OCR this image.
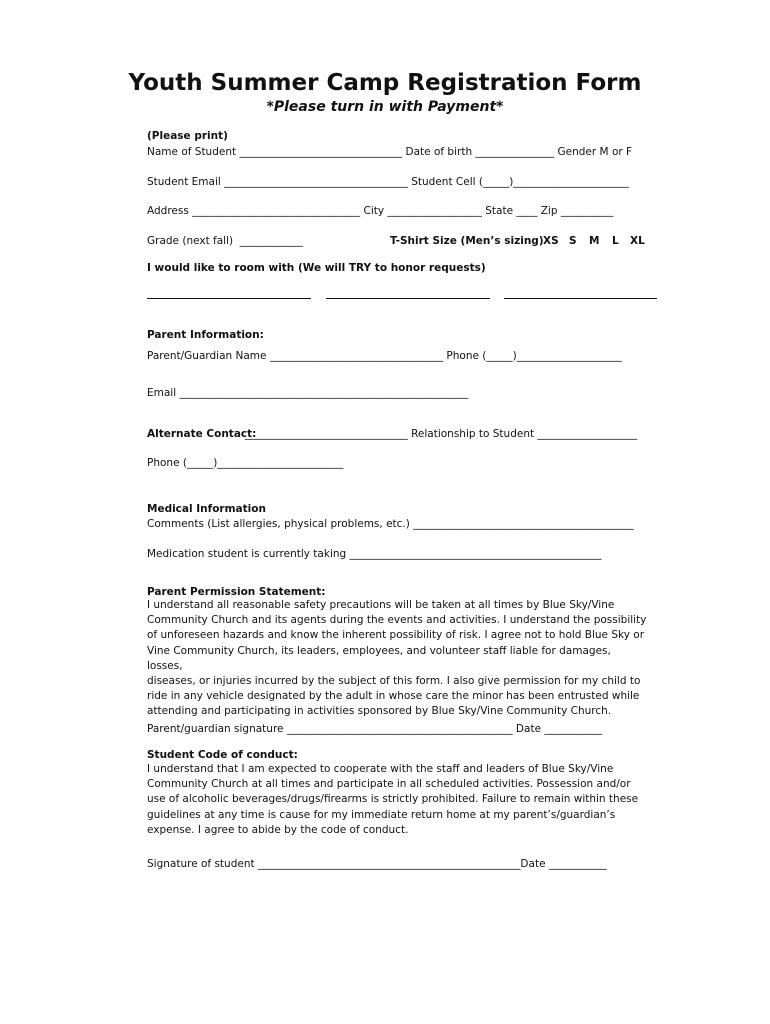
Youth Summer Camp Registration Form
*Please turn in with Payment*
(Please print)
Name of Student _______________________________ Date of birth _______________ Gender M or F
Student Email ___________________________________ Student Cell (_____)______________________
Address ________________________________ City __________________ State ____ Zip __________
Grade (next fall)  ____________	T-Shirt Size (Men’s sizing) XS S M L XL
I would like to room with (We will TRY to honor requests)
Parent Information:
Parent/Guardian Name _________________________________ Phone (_____)____________________
Email _______________________________________________________
Alternate Contact:
_______________________________ Relationship to Student ___________________
Phone (_____)________________________
Medical Information
Comments (List allergies, physical problems, etc.) __________________________________________
Medication student is currently taking ________________________________________________
Parent Permission Statement:
I understand all reasonable safety precautions will be taken at all times by Blue Sky/Vine
Community Church and its agents during the events and activities. I understand the possibility
of unforeseen hazards and know the inherent possibility of risk. I agree not to hold Blue Sky or
Vine Community Church, its leaders, employees, and volunteer staff liable for damages, losses,
diseases, or injuries incurred by the subject of this form. I also give permission for my child to
ride in any vehicle designated by the adult in whose care the minor has been entrusted while
attending and participating in activities sponsored by Blue Sky/Vine Community Church.
Parent/guardian signature ___________________________________________ Date ___________
Student Code of conduct:
I understand that I am expected to cooperate with the staff and leaders of Blue Sky/Vine
Community Church at all times and participate in all scheduled activities. Possession and/or
use of alcoholic beverages/drugs/firearms is strictly prohibited. Failure to remain within these
guidelines at any time is cause for my immediate return home at my parent’s/guardian’s
expense. I agree to abide by the code of conduct.
Signature of student __________________________________________________Date ___________
